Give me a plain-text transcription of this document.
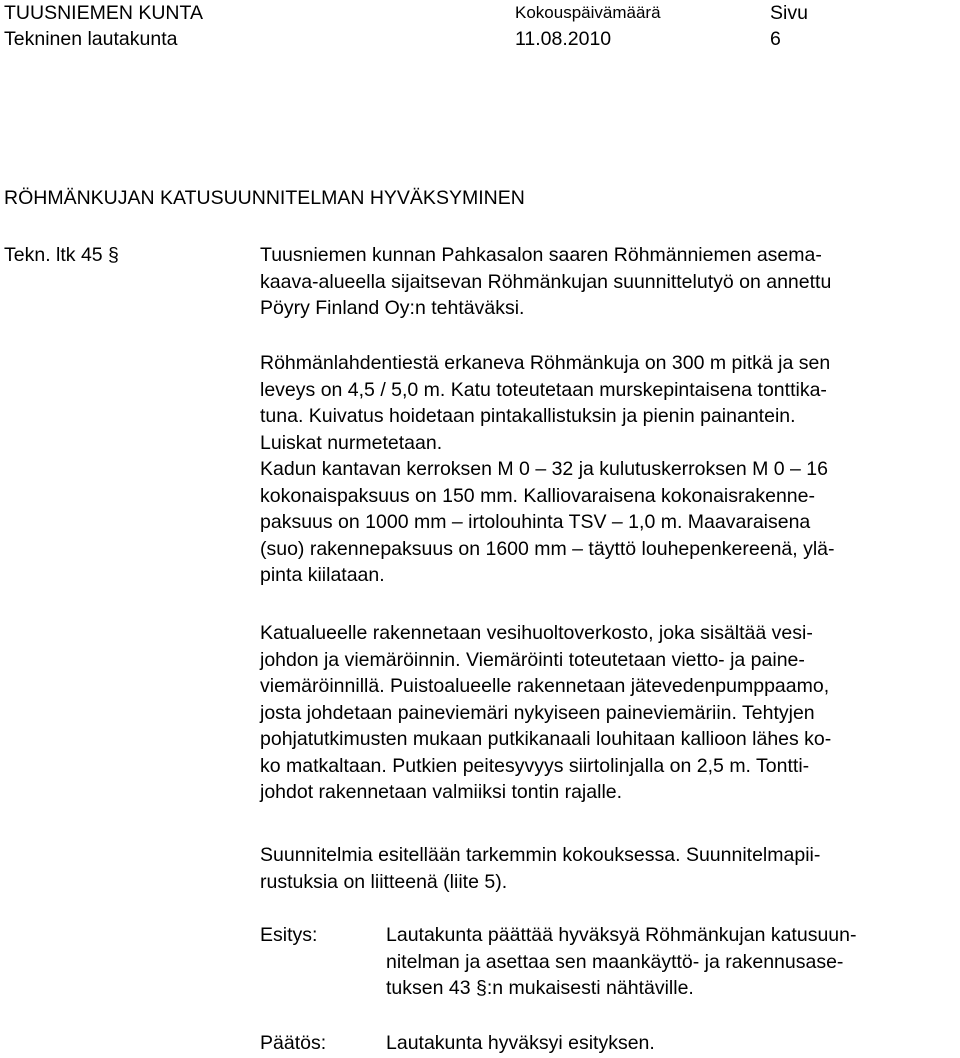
TUUSNIEMEN KUNTA
Tekninen lautakunta
Kokouspäivämäärä
11.08.2010
Sivu
6
RÖHMÄNKUJAN KATUSUUNNITELMAN HYVÄKSYMINEN
Tekn. ltk 45 §	Tuusniemen kunnan Pahkasalon saaren Röhmänniemen asema-
kaava-alueella sijaitsevan Röhmänkujan suunnittelutyö on annettu
Pöyry Finland Oy:n tehtäväksi.

Röhmänlahdentiestä erkaneva Röhmänkuja on 300 m pitkä ja sen
leveys on 4,5 / 5,0 m. Katu toteutetaan murskepintaisena tonttika-
tuna. Kuivatus hoidetaan pintakallistuksin ja pienin painantein.
Luiskat nurmetetaan.
Kadun kantavan kerroksen M 0 – 32 ja kulutuskerroksen M 0 – 16
kokonaispaksuus on 150 mm. Kalliovaraisena kokonaisrakenne-
paksuus on 1000 mm – irtolouhinta TSV – 1,0 m. Maavaraisena
(suo) rakennepaksuus on 1600 mm – täyttö louhepenkereenä, ylä-
pinta kiilataan.

Katualueelle rakennetaan vesihuoltoverkosto, joka sisältää vesi-
johdon ja viemäröinnin. Viemäröinti toteutetaan vietto- ja paine-
viemäröinnillä. Puistoalueelle rakennetaan jätevedenpumppaamo,
josta johdetaan paineviemäri nykyiseen paineviemäriin. Tehtyjen
pohjatutkimusten mukaan putkikanaali louhitaan kallioon lähes ko-
ko matkaltaan. Putkien peitesyvyys siirtolinjalla on 2,5 m. Tontti-
johdot rakennetaan valmiiksi tontin rajalle.

Suunnitelmia esitellään tarkemmin kokouksessa. Suunnitelmapii-
rustuksia on liitteenä (liite 5).

Esitys:	Lautakunta päättää hyväksyä Röhmänkujan katusuun-
nitelman ja asettaa sen maankäyttö- ja rakennusase-
tuksen 43 §:n mukaisesti nähtäville.
Päätös:	Lautakunta hyväksyi esityksen.
